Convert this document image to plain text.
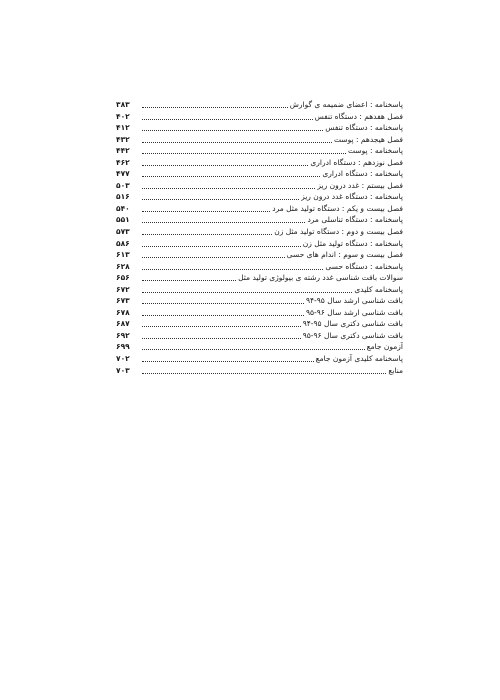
۳۸۳	پاسخنامه : اعضای ضمیمه ی گوارش
۴۰۲	فصل هفدهم : دستگاه تنفس
۴۱۲	پاسخنامه : دستگاه تنفس
۴۳۲	فصل هیجدهم : پوست
۴۴۲	پاسخنامه : پوست
۴۶۲	فصل نوزدهم : دستگاه ادراری
۴۷۷	پاسخنامه : دستگاه ادراری
۵۰۳	فصل بیستم : غدد درون ریز
۵۱۶	پاسخنامه : دستگاه غدد درون ریز
۵۴۰	فصل بیست و یکم : دستگاه تولید مثل مرد
۵۵۱	پاسخنامه : دستگاه تناسلی مرد
۵۷۳	فصل بیست و دوم : دستگاه تولید مثل زن
۵۸۶	پاسخنامه : دستگاه تولید مثل زن
۶۱۳	فصل بیست و سوم : اندام های حسی
۶۲۸	پاسخنامه : دستگاه حسی
۶۵۶	سوالات بافت شناسی غدد رشته ی بیولوژی تولید مثل
۶۷۲	پاسخنامه کلیدی
۶۷۳	بافت شناسی ارشد سال ۹۵-۹۴
۶۷۸	بافت شناسی ارشد سال ۹۶-۹۵
۶۸۷	بافت شناسی دکتری سال ۹۵-۹۴
۶۹۲	بافت شناسی دکتری سال ۹۶-۹۵
۶۹۹	آزمون جامع
۷۰۲	پاسخنامه کلیدی آزمون جامع
۷۰۳	منابع
